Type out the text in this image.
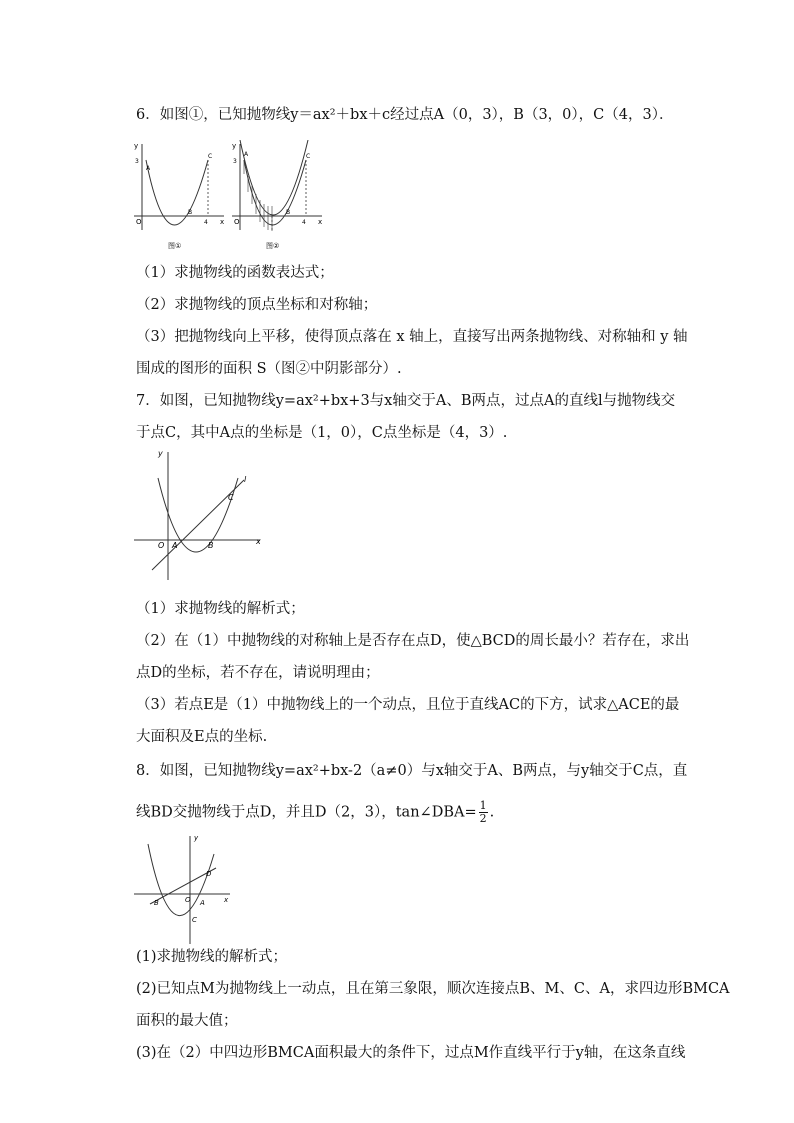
6．如图①，已知抛物线y＝ax²＋bx＋c经过点A（0，3），B（3，0），C（4，3）．
y
x
O
3
A
B
C
4
图①
y
x
O
3
A
B
C
4
图②
（1）求抛物线的函数表达式；
（2）求抛物线的顶点坐标和对称轴；
（3）把抛物线向上平移，使得顶点落在 x 轴上，直接写出两条抛物线、对称轴和 y 轴
围成的图形的面积 S（图②中阴影部分）.
7．如图，已知抛物线y=ax²+bx+3与x轴交于A、B两点，过点A的直线l与抛物线交
于点C，其中A点的坐标是（1，0），C点坐标是（4，3）.
y
x
O A	B
C
l
（1）求抛物线的解析式；
（2）在（1）中抛物线的对称轴上是否存在点D，使△BCD的周长最小？若存在，求出
点D的坐标，若不存在，请说明理由；
（3）若点E是（1）中抛物线上的一个动点，且位于直线AC的下方，试求△ACE的最
大面积及E点的坐标.
8．如图，已知抛物线y=ax²+bx-2（a≠0）与x轴交于A、B两点，与y轴交于C点，直
线BD交抛物线于点D，并且D（2，3），tan∠DBA= $\frac{1}{2}$ .
y
x
O
B	A
C
D
(1)求抛物线的解析式；
(2)已知点M为抛物线上一动点，且在第三象限，顺次连接点B、M、C、A，求四边形BMCA
面积的最大值；
(3)在（2）中四边形BMCA面积最大的条件下，过点M作直线平行于y轴，在这条直线
